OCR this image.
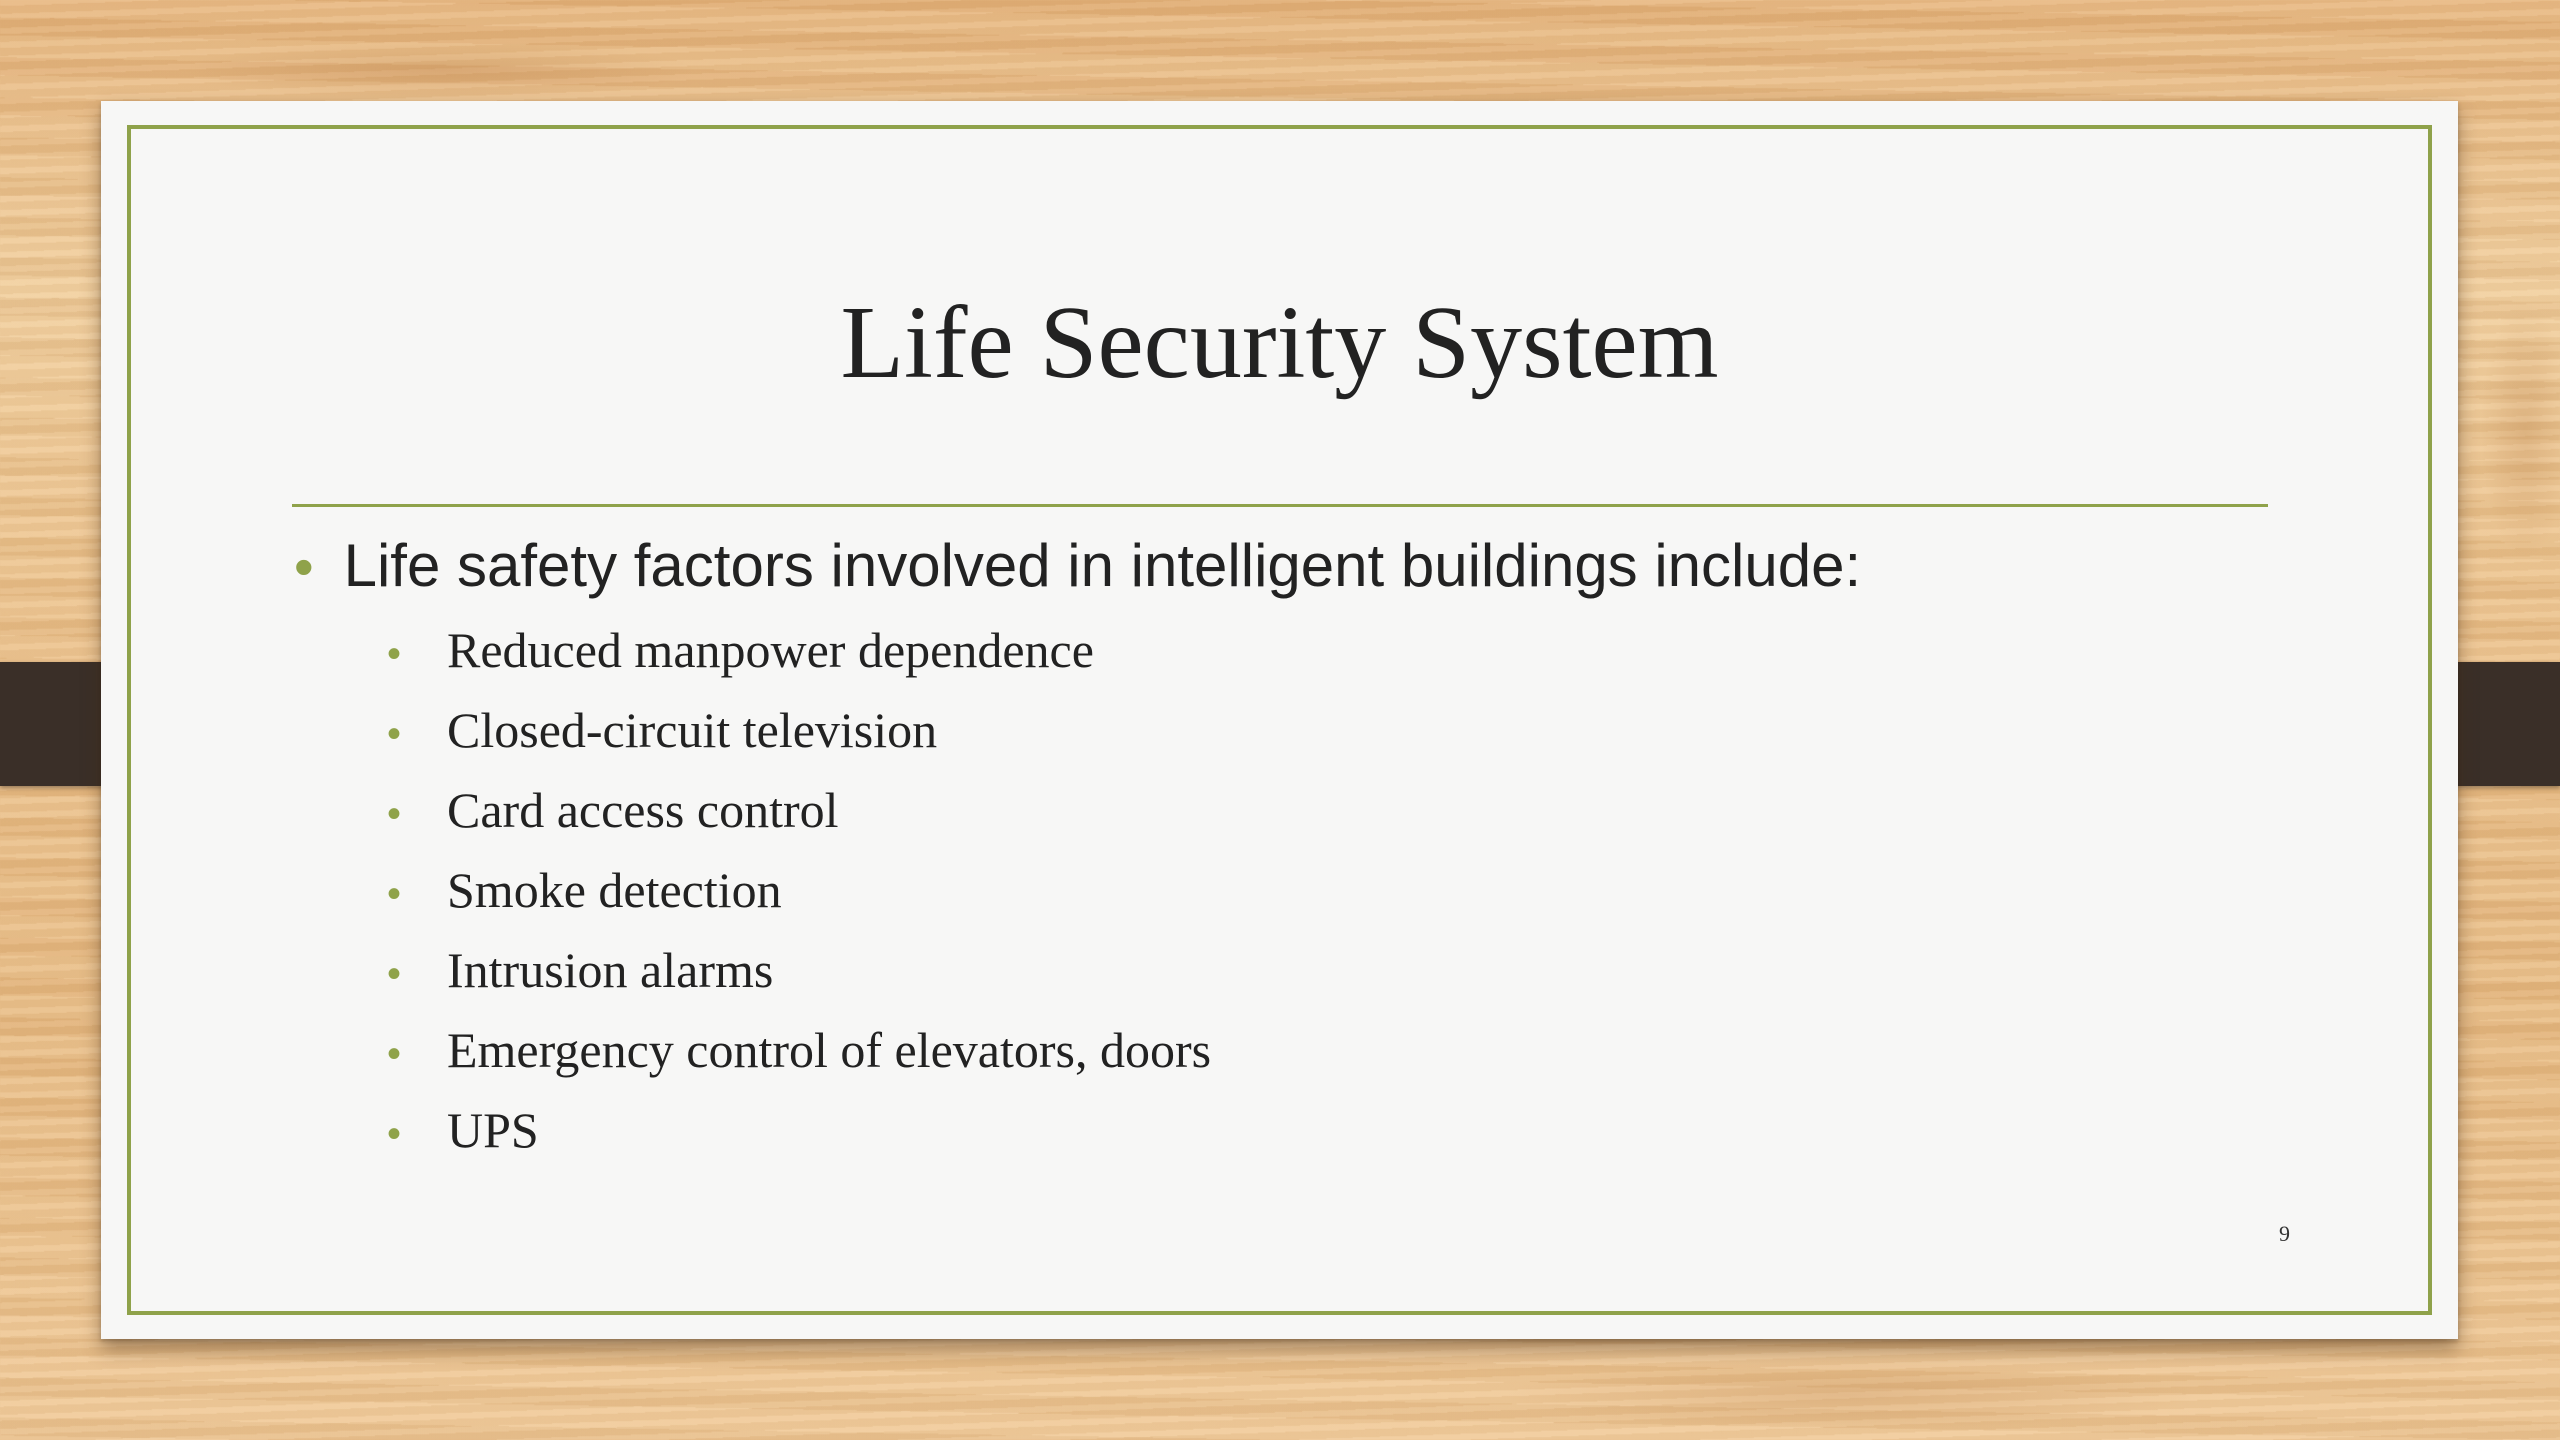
Life Security System
• Life safety factors involved in intelligent buildings include:
• Reduced manpower dependence
• Closed-circuit television
• Card access control
• Smoke detection
• Intrusion alarms
• Emergency control of elevators, doors
• UPS
9
